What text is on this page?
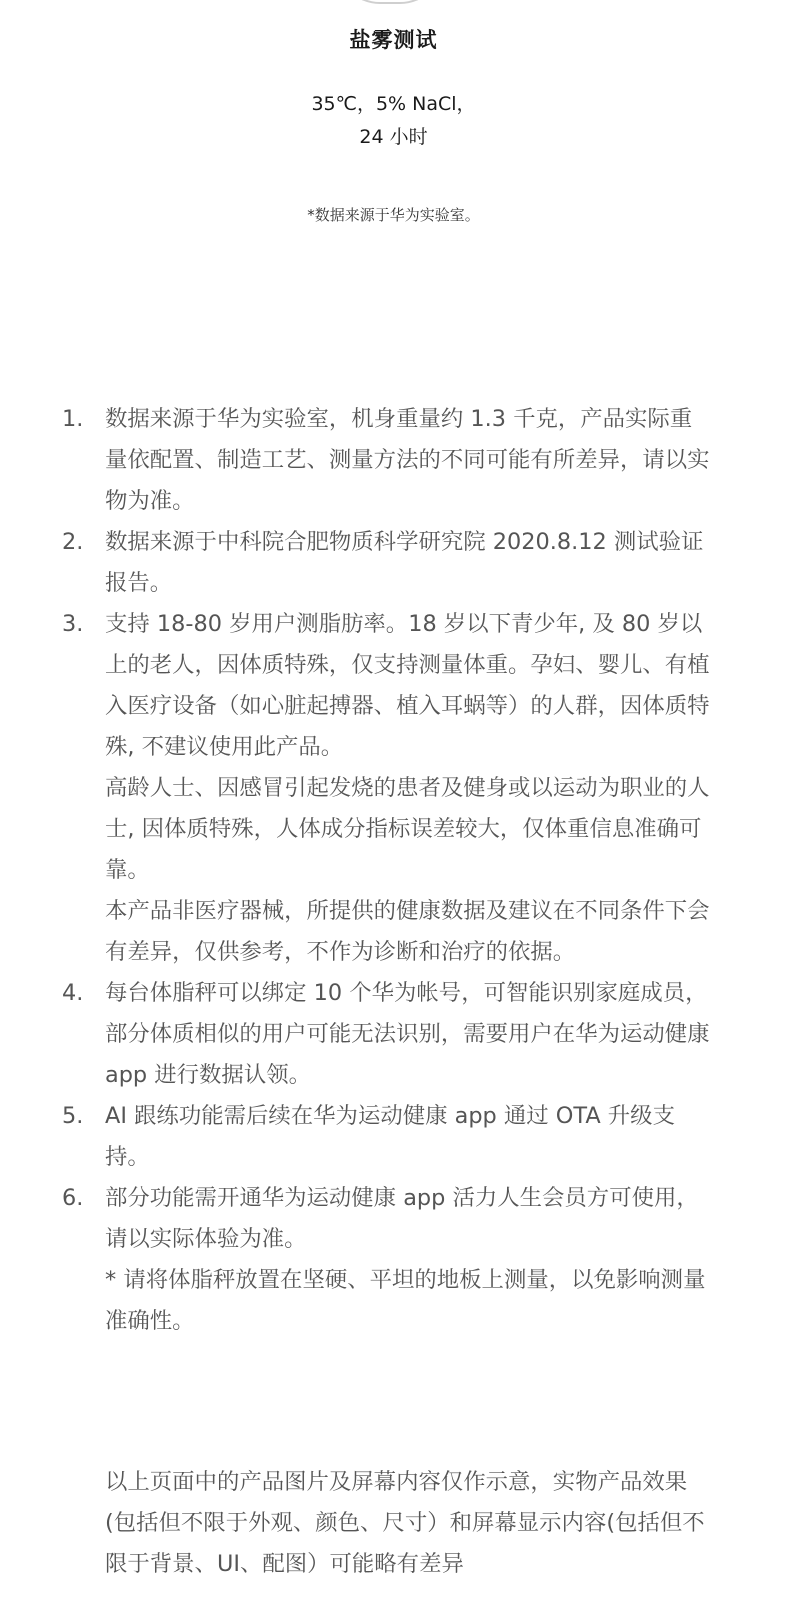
盐雾测试
35℃，5% NaCl，
24 小时
*数据来源于华为实验室。
1. 数据来源于华为实验室，机身重量约 1.3 千克，产品实际重量依配置、制造工艺、测量方法的不同可能有所差异，请以实物为准。

2. 数据来源于中科院合肥物质科学研究院 2020.8.12 测试验证报告。

3. 支持 18-80 岁用户测脂肪率。18 岁以下青少年, 及 80 岁以上的老人，因体质特殊，仅支持测量体重。孕妇、婴儿、有植入医疗设备（如心脏起搏器、植入耳蜗等）的人群，因体质特殊, 不建议使用此产品。

高龄人士、因感冒引起发烧的患者及健身或以运动为职业的人士, 因体质特殊，人体成分指标误差较大，仅体重信息准确可靠。

本产品非医疗器械，所提供的健康数据及建议在不同条件下会有差异，仅供参考，不作为诊断和治疗的依据。

4. 每台体脂秤可以绑定 10 个华为帐号，可智能识别家庭成员，部分体质相似的用户可能无法识别，需要用户在华为运动健康 app 进行数据认领。

5. AI 跟练功能需后续在华为运动健康 app 通过 OTA 升级支持。

6. 部分功能需开通华为运动健康 app 活力人生会员方可使用，请以实际体验为准。

* 请将体脂秤放置在坚硬、平坦的地板上测量，以免影响测量准确性。

以上页面中的产品图片及屏幕内容仅作示意，实物产品效果(包括但不限于外观、颜色、尺寸）和屏幕显示内容(包括但不限于背景、UI、配图）可能略有差异
